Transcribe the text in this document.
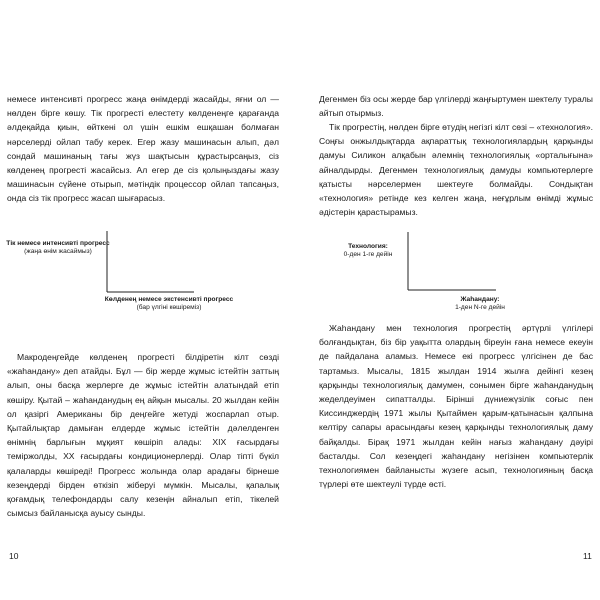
немесе интенсивті прогресс жаңа өнімдерді жасайды, яғни ол — нөлден бірге көшу. Тік прогресті елестету көлденеңге қарағанда әлдеқайда қиын, өйткені ол үшін ешкім ешқашан болмаған нәрселерді ойлап табу керек. Егер жазу машинасын алып, дәл сондай машинаның тағы жүз шақтысын құрастырсаңыз, сіз көлденең прогресті жасайсыз. Ал егер де сіз қолыңыздағы жазу машинасын сүйене отырып, мәтіндік процессор ойлап тапсаңыз, онда сіз тік прогресс жасап шығарасыз.

Тік немесе интенсивті прогресс
(жаңа өнім жасаймыз)
Көлденең немесе экстенсивті прогресс
(бар үлгіні көшіреміз)

Макродеңгейде көлденең прогресті білдіретін кілт сөзді «жаһандану» деп атайды. Бұл — бір жерде жұмыс істейтін заттың алып, оны басқа жерлерге де жұмыс істейтін алатындай етіп көшіру. Қытай – жаһанданудың ең айқын мысалы. 20 жылдан кейін ол қазіргі Американы бір деңгейге жетуді жоспарлап отыр. Қытайлықтар дамыған елдерде жұмыс істейтін дәлелденген өнімнің барлығын мұқият көшіріп алады: XIX ғасырдағы теміржолды, XX ғасырдағы кондиционерлерді. Олар тіпті бүкіл қалаларды көшіреді! Прогресс жолында олар арадағы бірнеше кезеңдерді бірден өткізіп жіберуі мүмкін. Мысалы, қапалық қоғамдық телефондарды салу кезеңін айналып етіп, тікелей сымсыз байланысқа ауысу сынды.

10

Дегенмен біз осы жерде бар үлгілерді жаңғыртумен шектелу туралы айтып отырмыз.

Тік прогрестің, нөлден бірге өтудің негізгі кілт сөзі – «технология». Соңғы онжылдықтарда ақпараттық технологиялардың қарқынды дамуы Силикон алқабын әлемнің технологиялық «орталығына» айналдырды. Дегенмен технологиялық дамуды компьютерлерге қатысты нәрселермен шектеуге болмайды. Сондықтан «технология» ретінде кез келген жаңа, неғұрлым өнімді жұмыс әдістерін қарастырамыз.

Технология:
0-ден 1-ге дейін
Жаһандану:
1-ден N-ге дейін

Жаһандану мен технология прогрестің әртүрлі үлгілері болғандықтан, біз бір уақытта олардың біреуін ғана немесе екеуін де пайдалана аламыз. Немесе екі прогресс үлгісінен де бас тартамыз. Мысалы, 1815 жылдан 1914 жылға дейінгі кезең қарқынды технологиялық дамумен, сонымен бірге жаһанданудың жеделдеуімен сипатталды. Бірінші дүниежүзілік соғыс пен Киссинджердің 1971 жылы Қытаймен қарым-қатынасын қалпына келтіру сапары арасындағы кезең қарқынды технологиялық даму байқалды. Бірақ 1971 жылдан кейін нағыз жаһандану дәуірі басталды. Сол кезеңдегі жаһандану негізінен компьютерлік технологиямен байланысты жүзеге асып, технологияның басқа түрлері өте шектеулі түрде өсті.

11
